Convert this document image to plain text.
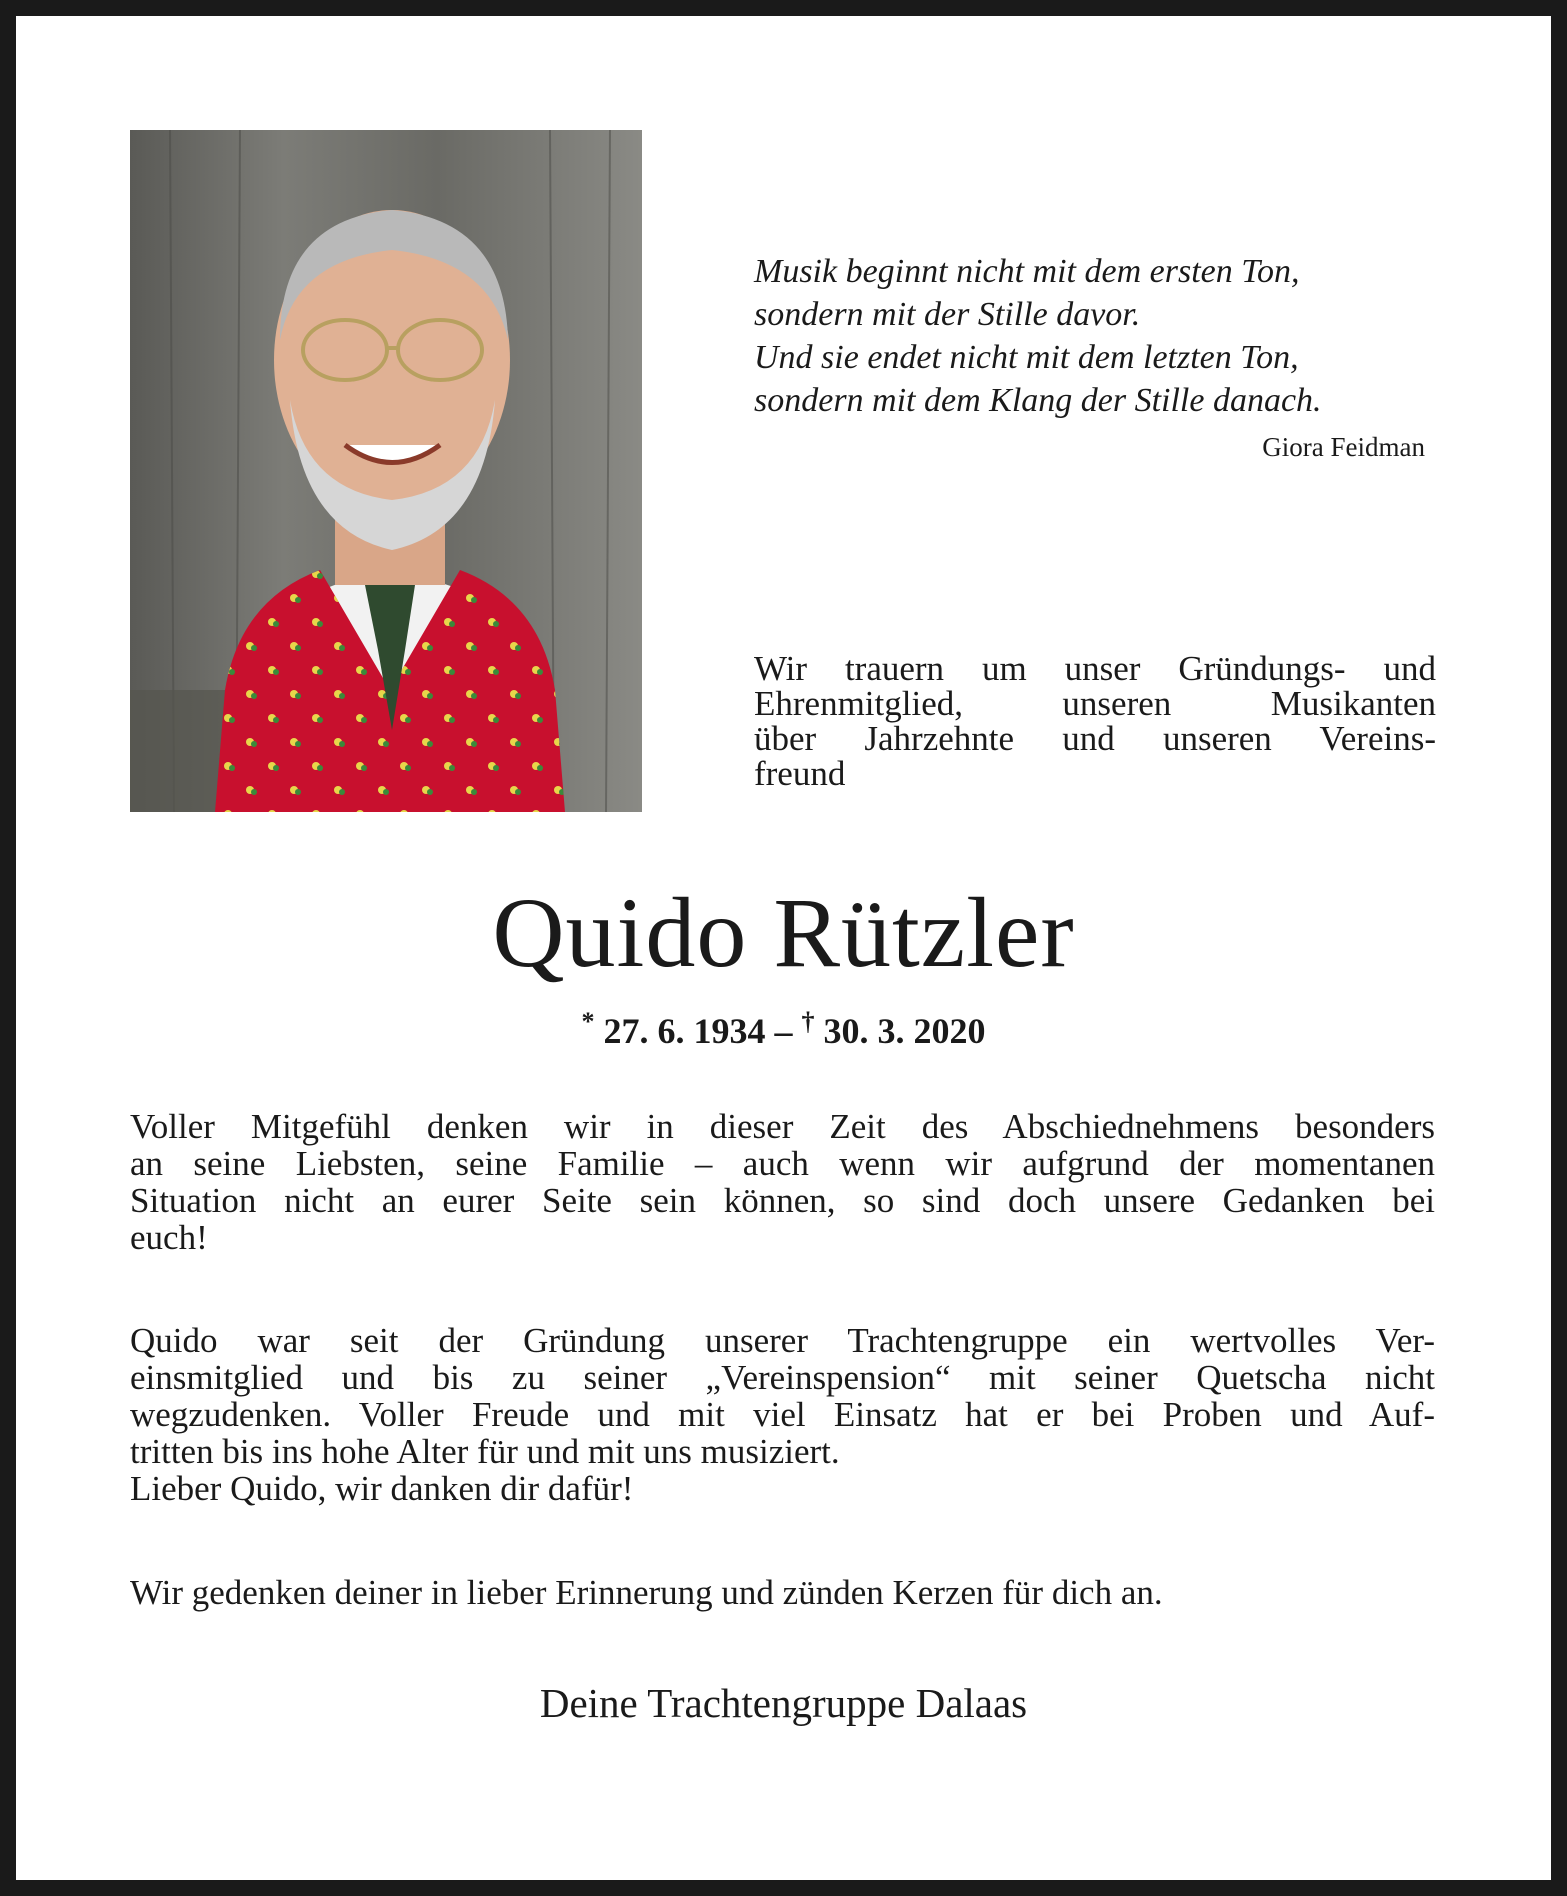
Musik beginnt nicht mit dem ersten Ton,
sondern mit der Stille davor.
Und sie endet nicht mit dem letzten Ton,
sondern mit dem Klang der Stille danach.
Giora Feidman
Wir trauern um unser Gründungs- und
Ehrenmitglied, unseren Musikanten
über Jahrzehnte und unseren Vereins-
freund
Quido Rützler
* 27. 6. 1934 – † 30. 3. 2020
Voller Mitgefühl denken wir in dieser Zeit des Abschiednehmens besonders
an seine Liebsten, seine Familie – auch wenn wir aufgrund der momentanen
Situation nicht an eurer Seite sein können, so sind doch unsere Gedanken bei
euch!
Quido war seit der Gründung unserer Trachtengruppe ein wertvolles Ver-
einsmitglied und bis zu seiner „Vereinspension“ mit seiner Quetscha nicht
wegzudenken. Voller Freude und mit viel Einsatz hat er bei Proben und Auf-
tritten bis ins hohe Alter für und mit uns musiziert.
Lieber Quido, wir danken dir dafür!
Wir gedenken deiner in lieber Erinnerung und zünden Kerzen für dich an.
Deine Trachtengruppe Dalaas
